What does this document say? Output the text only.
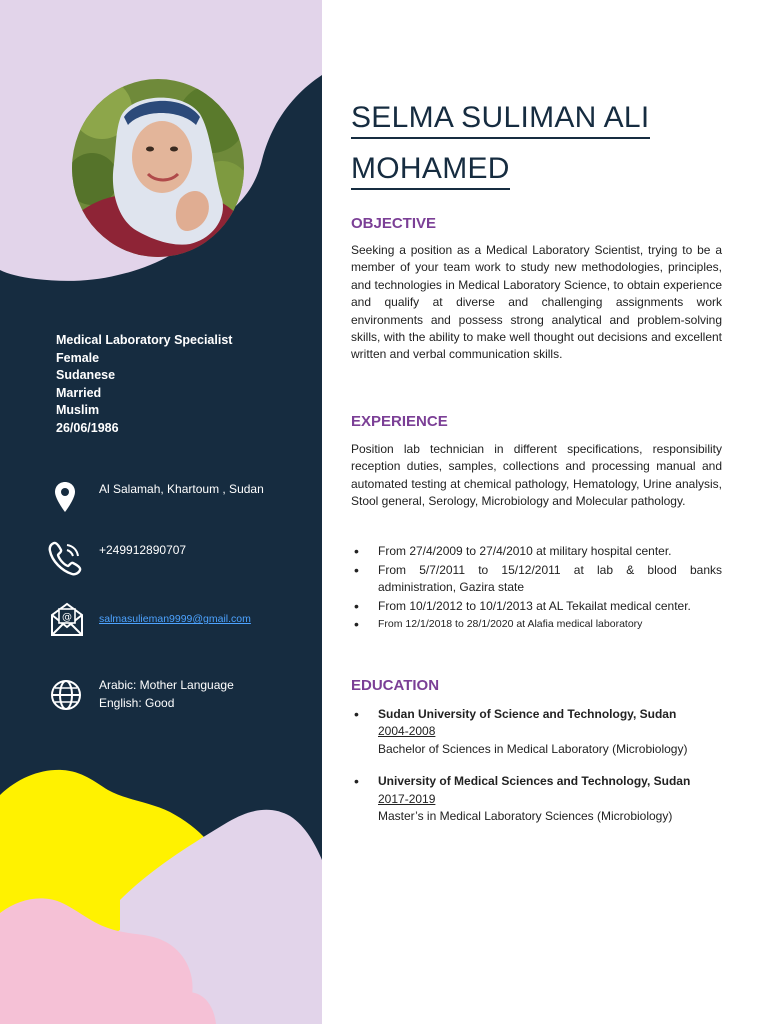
Medical Laboratory Specialist
Female
Sudanese
Married
Muslim
26/06/1986
Al Salamah, Khartoum , Sudan
+249912890707
@	salmasulieman9999@gmail.com
Arabic: Mother Language
English: Good
SELMA SULIMAN ALI
MOHAMED
OBJECTIVE

Seeking a position as a Medical Laboratory Scientist, trying to be a member of your team work to study new methodologies, principles, and technologies in Medical Laboratory Science, to obtain experience and qualify at diverse and challenging assignments work environments and possess strong analytical and problem-solving skills, with the ability to make well thought out decisions and excellent written and verbal communication skills.

EXPERIENCE

Position lab technician in different specifications, responsibility reception duties, samples, collections and processing manual and automated testing at chemical pathology, Hematology, Urine analysis, Stool general, Serology, Microbiology and Molecular pathology.

• From 27/4/2009 to 27/4/2010 at military hospital center.
• From 5/7/2011 to 15/12/2011 at lab & blood banks administration, Gazira state
• From 10/1/2012 to 10/1/2013 at AL Tekailat medical center.
• From 12/1/2018 to 28/1/2020 at Alafia medical laboratory
EDUCATION
• Sudan University of Science and Technology, Sudan
2004-2008
Bachelor of Sciences in Medical Laboratory (Microbiology)
• University of Medical Sciences and Technology, Sudan
2017-2019
Master’s in Medical Laboratory Sciences (Microbiology)
